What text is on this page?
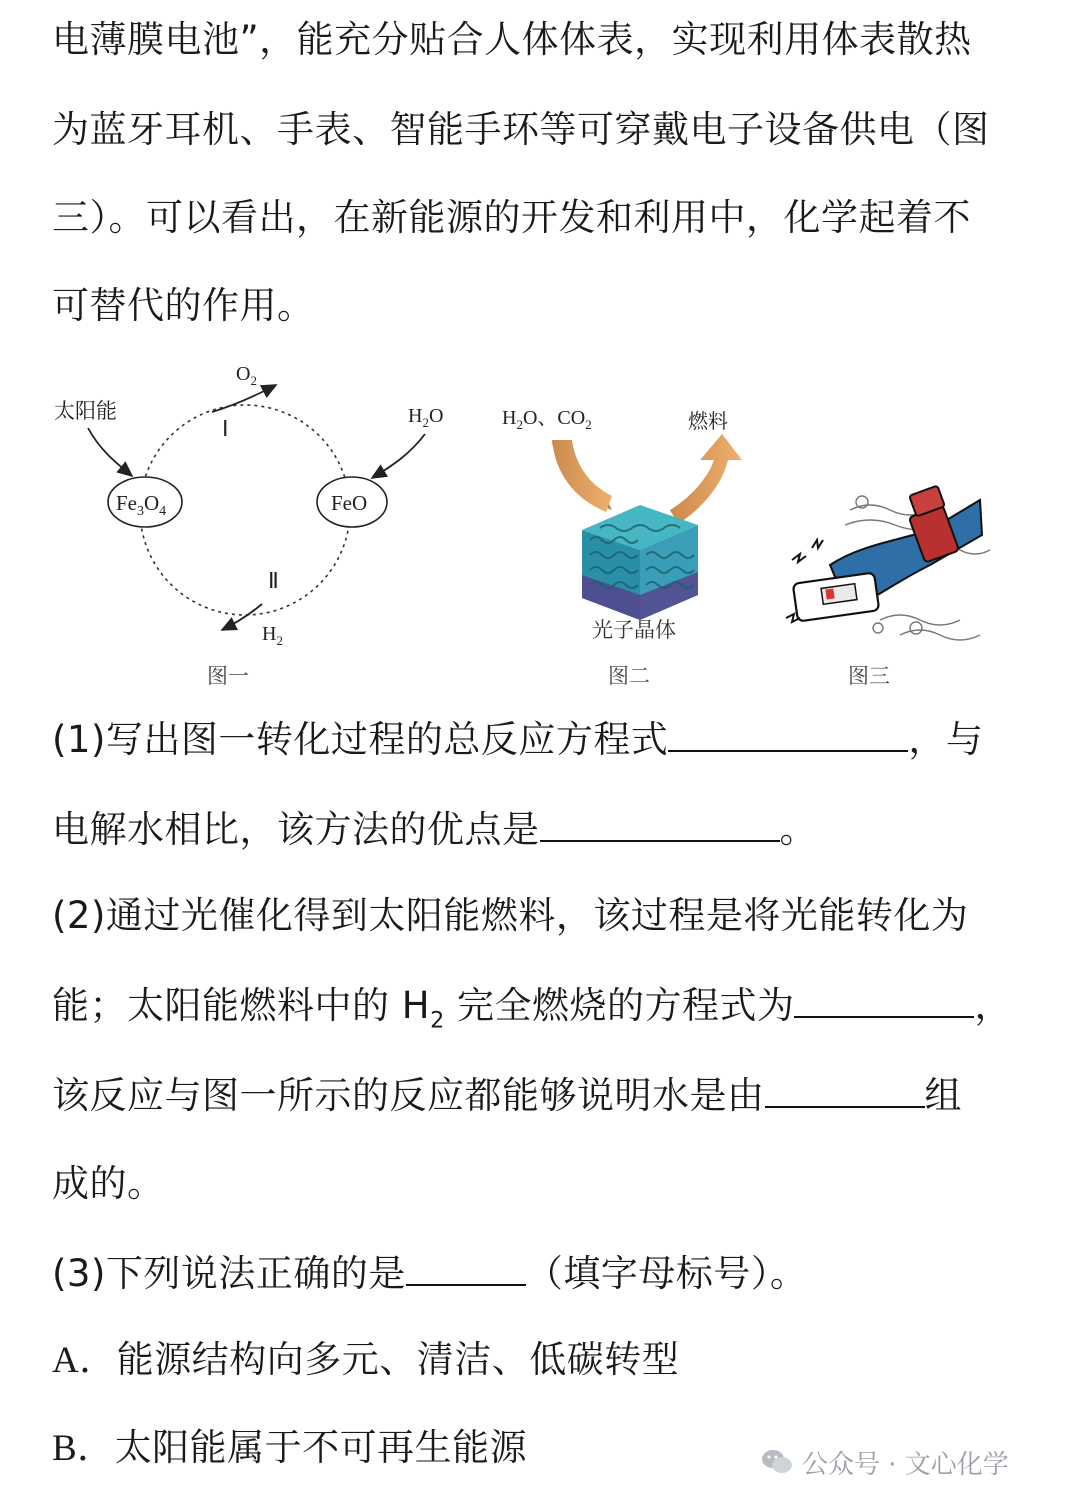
电薄膜电池”，能充分贴合人体体表，实现利用体表散热
为蓝牙耳机、手表、智能手环等可穿戴电子设备供电（图
三）。可以看出，在新能源的开发和利用中，化学起着不
可替代的作用。
$Fe_3O_4$	FeO
太阳能
$O_2$
Ⅰ	$H_2O$
Ⅱ
$H_2$
图一
$H_2O$、$CO_2$	燃料
光子晶体
图二	图三
(1)写出图一转化过程的总反应方程式	，与
电解水相比，该方法的优点是	。
(2)通过光催化得到太阳能燃料，该过程是将光能转化为
能；太阳能燃料中的 $H_2$ 完全燃烧的方程式为	，
该反应与图一所示的反应都能够说明水是由	组
成的。
(3)下列说法正确的是	（填字母标号）。
A．能源结构向多元、清洁、低碳转型
B．太阳能属于不可再生能源	公众号 · 文心化学
